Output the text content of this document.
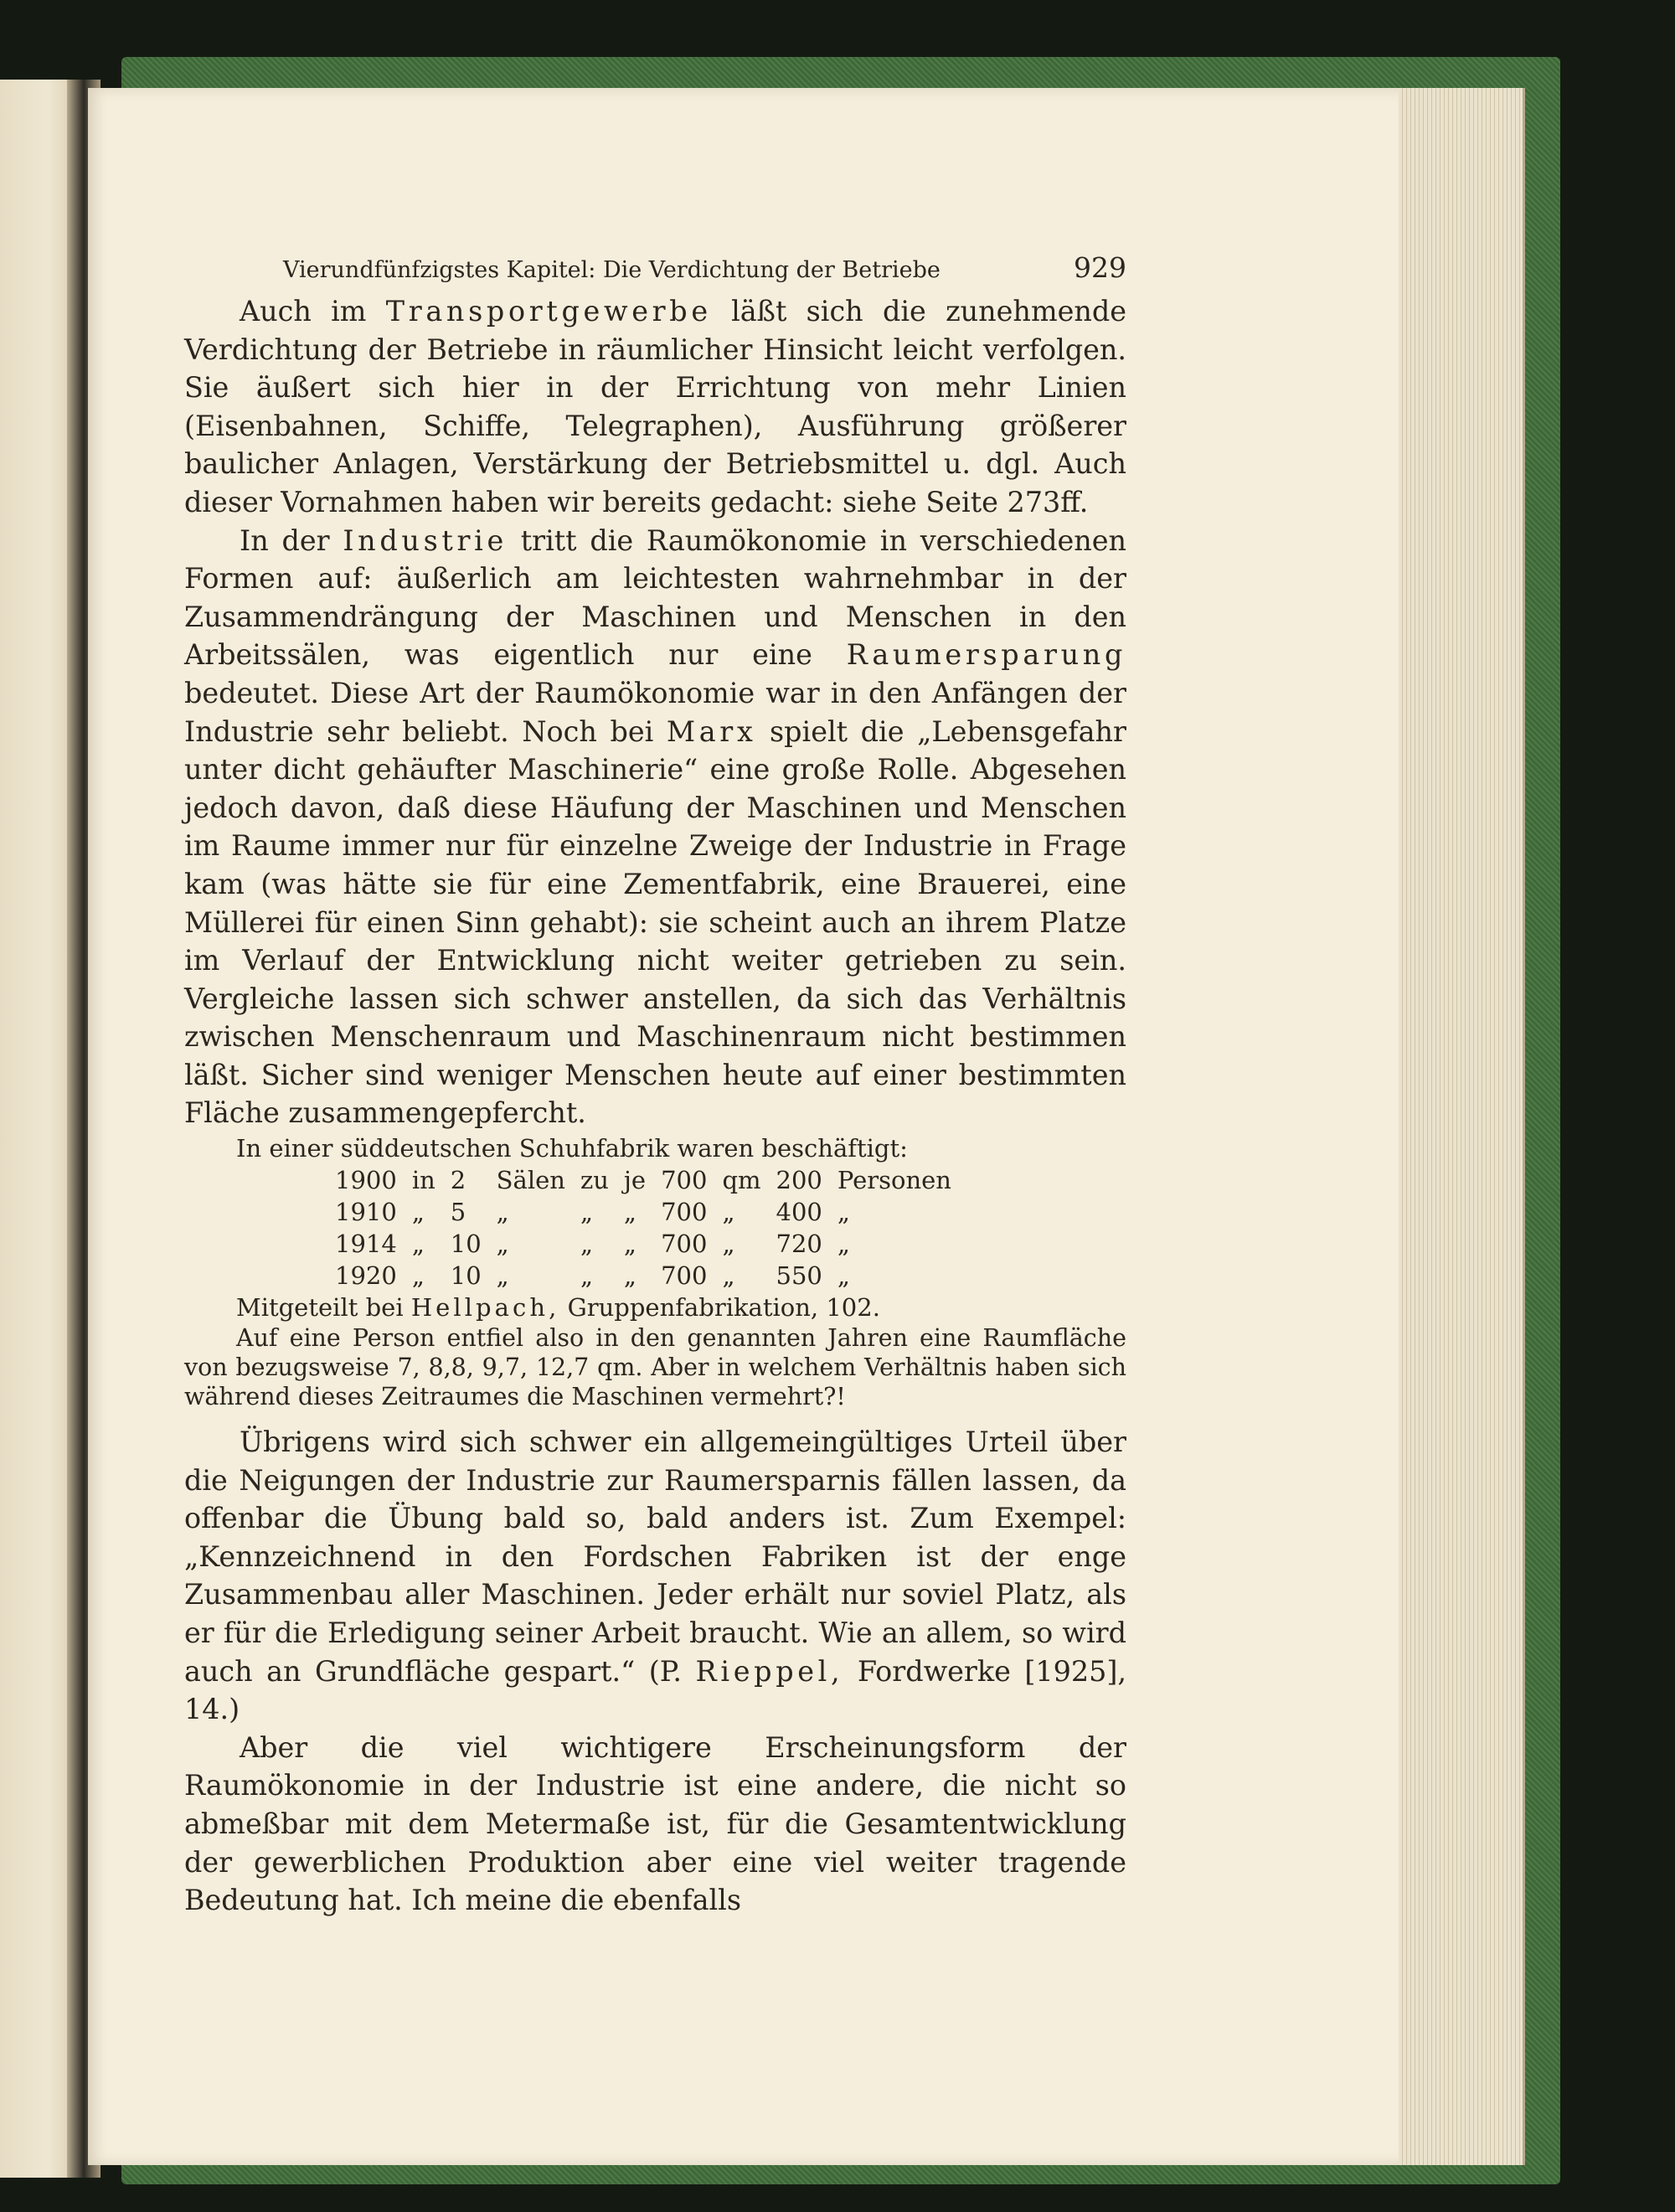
Vierundfünfzigstes Kapitel: Die Verdichtung der Betriebe	929

Auch im Transportgewerbe läßt sich die zunehmende Verdichtung der Betriebe in räumlicher Hinsicht leicht verfolgen. Sie äußert sich hier in der Errichtung von mehr Linien (Eisenbahnen, Schiffe, Telegraphen), Ausführung größerer baulicher Anlagen, Verstärkung der Betriebsmittel u. dgl. Auch dieser Vornahmen haben wir bereits gedacht: siehe Seite 273ff.

In der Industrie tritt die Raumökonomie in verschiedenen Formen auf: äußerlich am leichtesten wahrnehmbar in der Zusammendrängung der Maschinen und Menschen in den Arbeitssälen, was eigentlich nur eine Raumersparung bedeutet. Diese Art der Raumökonomie war in den Anfängen der Industrie sehr beliebt. Noch bei Marx spielt die „Lebensgefahr unter dicht gehäufter Maschinerie“ eine große Rolle. Abgesehen jedoch davon, daß diese Häufung der Maschinen und Menschen im Raume immer nur für einzelne Zweige der Industrie in Frage kam (was hätte sie für eine Zementfabrik, eine Brauerei, eine Müllerei für einen Sinn gehabt): sie scheint auch an ihrem Platze im Verlauf der Entwicklung nicht weiter getrieben zu sein. Vergleiche lassen sich schwer anstellen, da sich das Verhältnis zwischen Menschenraum und Maschinenraum nicht bestimmen läßt. Sicher sind weniger Menschen heute auf einer bestimmten Fläche zusammengepfercht.

In einer süddeutschen Schuhfabrik waren beschäftigt:

1900	in	2	Sälen	zu	je	700	qm	200	Personen
1910	„	5	„	„	„	700	„	400	„
1914	„	10	„	„	„	700	„	720	„
1920	„	10	„	„	„	700	„	550	„

Mitgeteilt bei Hellpach, Gruppenfabrikation, 102.

Auf eine Person entfiel also in den genannten Jahren eine Raumfläche von bezugsweise 7, 8,8, 9,7, 12,7 qm. Aber in welchem Verhältnis haben sich während dieses Zeitraumes die Maschinen vermehrt?!

Übrigens wird sich schwer ein allgemeingültiges Urteil über die Neigungen der Industrie zur Raumersparnis fällen lassen, da offenbar die Übung bald so, bald anders ist. Zum Exempel: „Kennzeichnend in den Fordschen Fabriken ist der enge Zusammenbau aller Maschinen. Jeder erhält nur soviel Platz, als er für die Erledigung seiner Arbeit braucht. Wie an allem, so wird auch an Grundfläche gespart.“ (P. Rieppel, Fordwerke [1925], 14.)

Aber die viel wichtigere Erscheinungsform der Raumökonomie in der Industrie ist eine andere, die nicht so abmeßbar mit dem Metermaße ist, für die Gesamtentwicklung der gewerblichen Produktion aber eine viel weiter tragende Bedeutung hat. Ich meine die ebenfalls
